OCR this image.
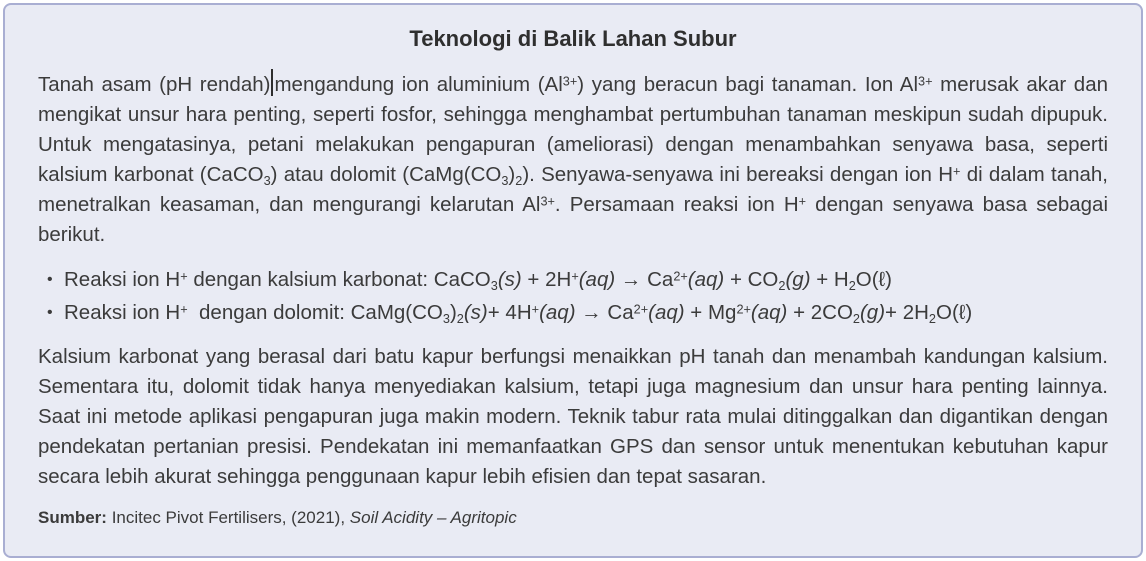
Teknologi di Balik Lahan Subur

Tanah asam (pH rendah) mengandung ion aluminium $(Al^{3+})$ yang beracun bagi tanaman. Ion $Al^{3+}$ merusak akar dan mengikat unsur hara penting, seperti fosfor, sehingga menghambat pertumbuhan tanaman meskipun sudah dipupuk. Untuk mengatasinya, petani melakukan pengapuran (ameliorasi) dengan menambahkan senyawa basa, seperti kalsium karbonat (CaCO$_3$) atau dolomit $(CaMg(CO_3)_2)$. Senyawa-senyawa ini bereaksi dengan ion H+ di dalam tanah, menetralkan keasaman, dan mengurangi kelarutan $Al^{3+}$. Persamaan reaksi ion H+ dengan senyawa basa sebagai berikut.

• Reaksi ion H+ dengan kalsium karbonat: CaCO$_3$(s) + $2H^+(aq) \to Ca^{2+}(aq) + CO_2(g)$ + $H_2O(\ell)$
• Reaksi ion H+  dengan dolomit: $CaMg(CO_3)_2(s)+ 4H^+(aq) \to Ca^{2+}(aq) + Mg^{2+}(aq) + 2CO_2(g)+$ $2H_2O(\ell)$

Kalsium karbonat yang berasal dari batu kapur berfungsi menaikkan pH tanah dan menambah kandungan kalsium. Sementara itu, dolomit tidak hanya menyediakan kalsium, tetapi juga magnesium dan unsur hara penting lainnya. Saat ini metode aplikasi pengapuran juga makin modern. Teknik tabur rata mulai ditinggalkan dan digantikan dengan pendekatan pertanian presisi. Pendekatan ini memanfaatkan GPS dan sensor untuk menentukan kebutuhan kapur secara lebih akurat sehingga penggunaan kapur lebih efisien dan tepat sasaran.

Sumber: Incitec Pivot Fertilisers, (2021), Soil Acidity – Agritopic
